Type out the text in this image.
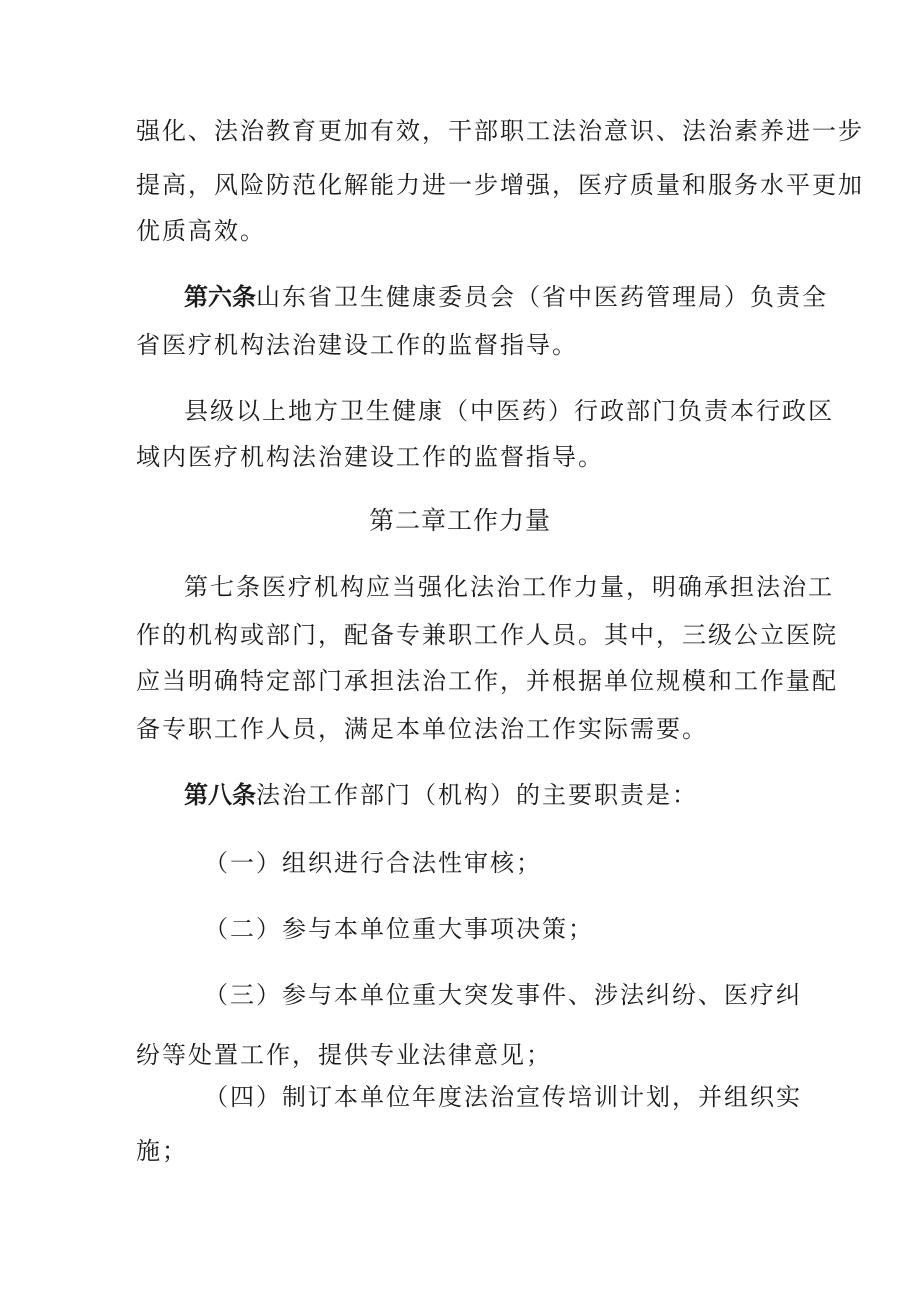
强化、法治教育更加有效，干部职工法治意识、法治素养进一步
提高，风险防范化解能力进一步增强，医疗质量和服务水平更加
优质高效。
第六条山东省卫生健康委员会（省中医药管理局）负责全
省医疗机构法治建设工作的监督指导。
县级以上地方卫生健康（中医药）行政部门负责本行政区
域内医疗机构法治建设工作的监督指导。
第二章工作力量
第七条医疗机构应当强化法治工作力量，明确承担法治工
作的机构或部门，配备专兼职工作人员。其中，三级公立医院
应当明确特定部门承担法治工作，并根据单位规模和工作量配
备专职工作人员，满足本单位法治工作实际需要。
第八条法治工作部门（机构）的主要职责是：
（一）组织进行合法性审核；
（二）参与本单位重大事项决策；
（三）参与本单位重大突发事件、涉法纠纷、医疗纠
纷等处置工作，提供专业法律意见；
（四）制订本单位年度法治宣传培训计划，并组织实
施；
